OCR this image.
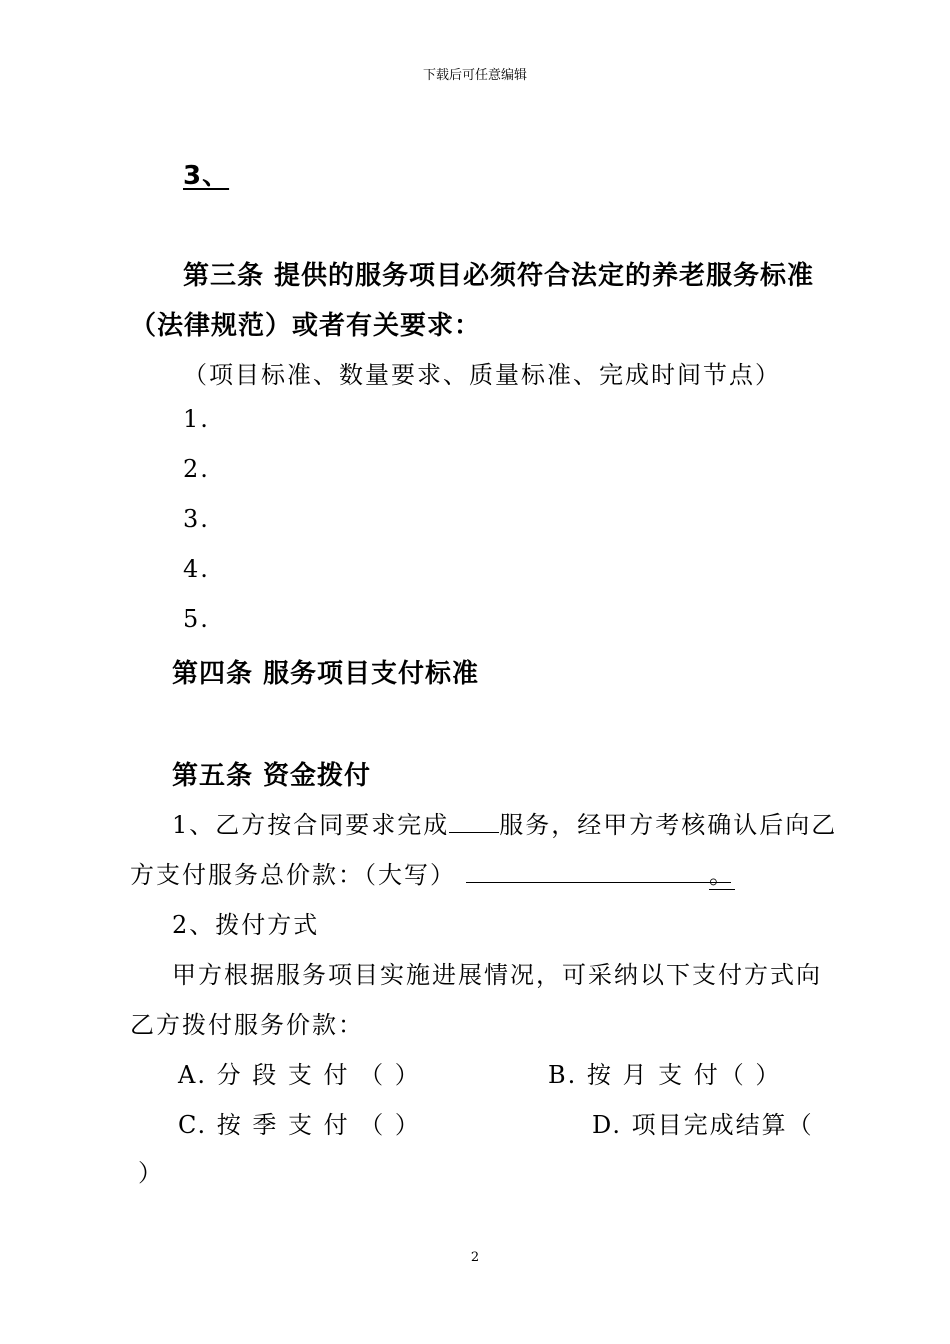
下载后可任意编辑
3、
第三条 提供的服务项目必须符合法定的养老服务标准
（法律规范）或者有关要求：
（项目标准、数量要求、质量标准、完成时间节点）
1.
2.
3.
4.
5.
第四条 服务项目支付标准
第五条 资金拨付
1、乙方按合同要求完成 服务，经甲方考核确认后向乙
方支付服务总价款：（大写）	。
2、拨付方式
甲方根据服务项目实施进展情况，可采纳以下支付方式向
乙方拨付服务价款：
A. 分 段 支 付 （ ）	B. 按 月 支 付（ ）
C. 按 季 支 付 （ ）	D. 项目完成结算（
）
2
